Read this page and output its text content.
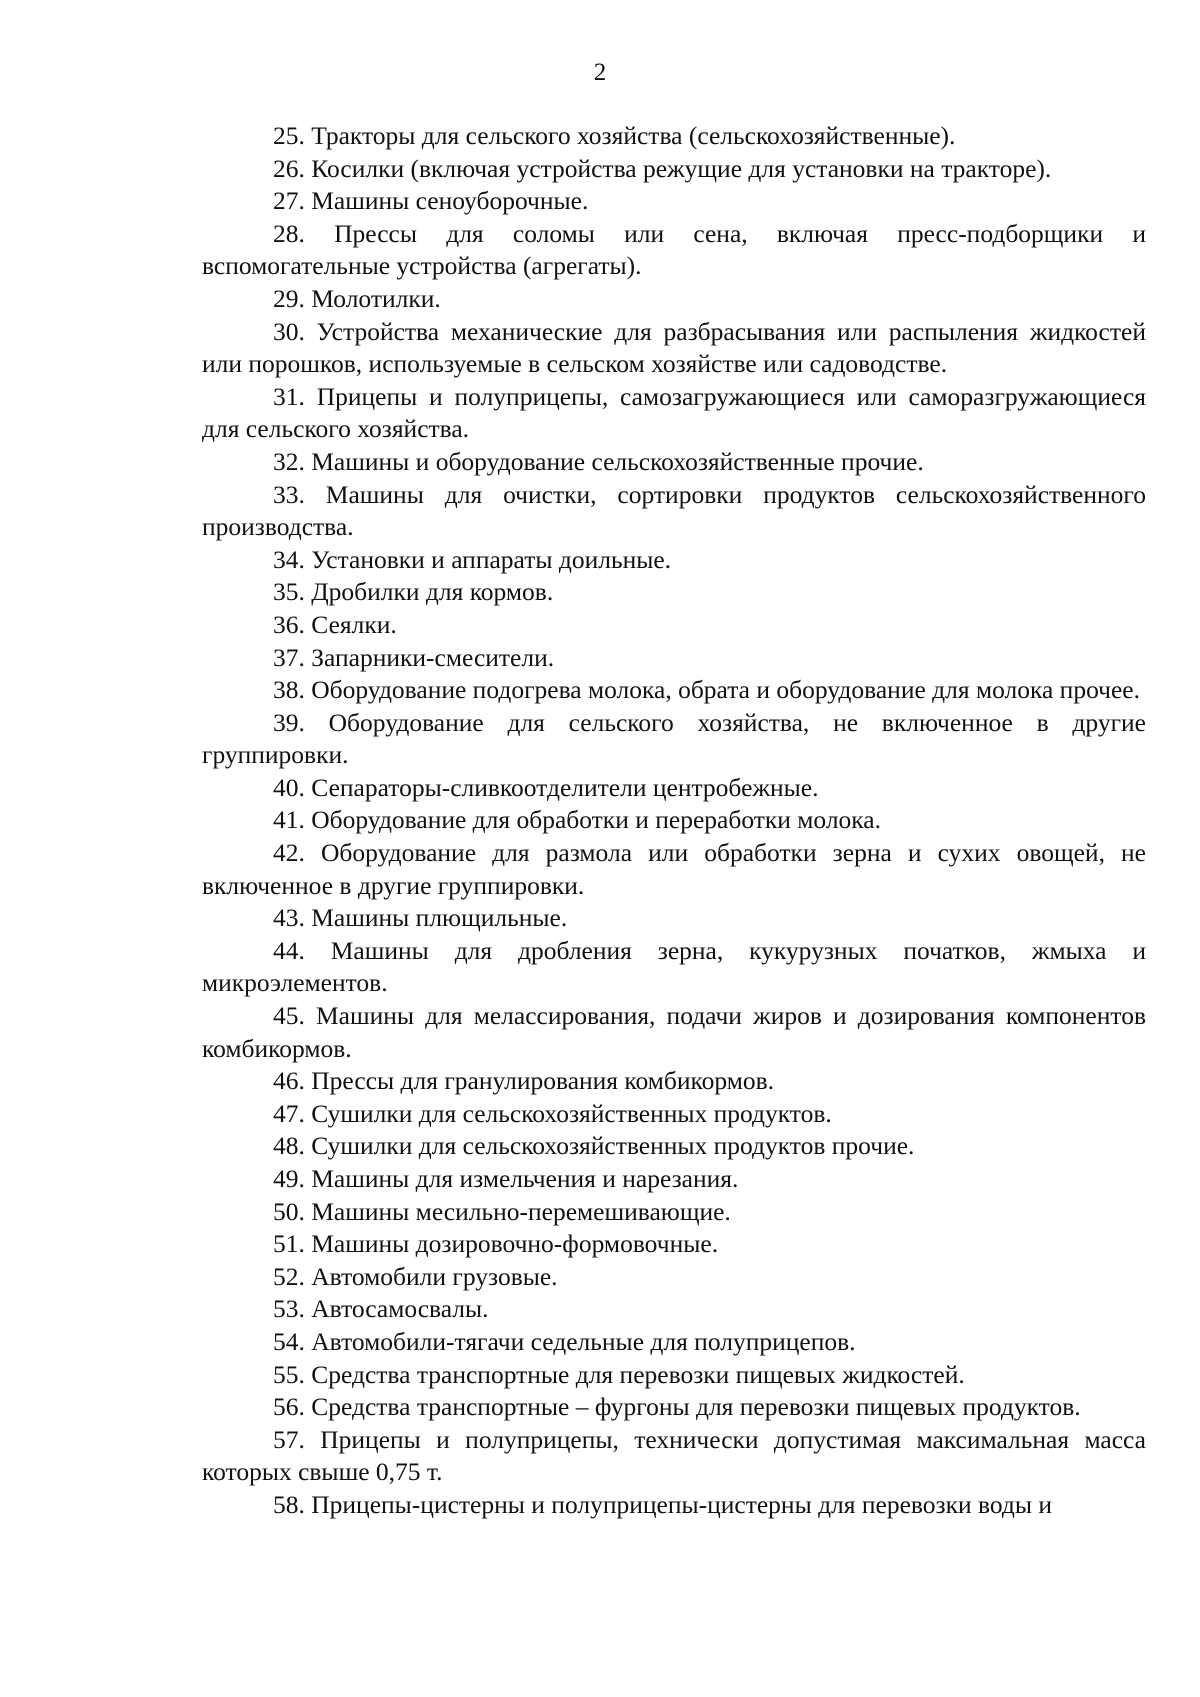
2

25. Тракторы для сельского хозяйства (сельскохозяйственные).

26. Косилки (включая устройства режущие для установки на тракторе).

27. Машины сеноуборочные.

28. Прессы для соломы или сена, включая пресс-подборщики и вспомогательные устройства (агрегаты).

29. Молотилки.

30. Устройства механические для разбрасывания или распыления жидкостей или порошков, используемые в сельском хозяйстве или садоводстве.

31. Прицепы и полуприцепы, самозагружающиеся или саморазгружающиеся для сельского хозяйства.

32. Машины и оборудование сельскохозяйственные прочие.

33. Машины для очистки, сортировки продуктов сельскохозяйственного производства.

34. Установки и аппараты доильные.

35. Дробилки для кормов.

36. Сеялки.

37. Запарники-смесители.

38. Оборудование подогрева молока, обрата и оборудование для молока прочее.

39. Оборудование для сельского хозяйства, не включенное в другие группировки.

40. Сепараторы-сливкоотделители центробежные.

41. Оборудование для обработки и переработки молока.

42. Оборудование для размола или обработки зерна и сухих овощей, не включенное в другие группировки.

43. Машины плющильные.

44. Машины для дробления зерна, кукурузных початков, жмыха и микроэлементов.

45. Машины для мелассирования, подачи жиров и дозирования компонентов комбикормов.

46. Прессы для гранулирования комбикормов.

47. Сушилки для сельскохозяйственных продуктов.

48. Сушилки для сельскохозяйственных продуктов прочие.

49. Машины для измельчения и нарезания.

50. Машины месильно-перемешивающие.

51. Машины дозировочно-формовочные.

52. Автомобили грузовые.

53. Автосамосвалы.

54. Автомобили-тягачи седельные для полуприцепов.

55. Средства транспортные для перевозки пищевых жидкостей.

56. Средства транспортные – фургоны для перевозки пищевых продуктов.

57. Прицепы и полуприцепы, технически допустимая максимальная масса которых свыше 0,75 т.

58. Прицепы-цистерны и полуприцепы-цистерны для перевозки воды и
